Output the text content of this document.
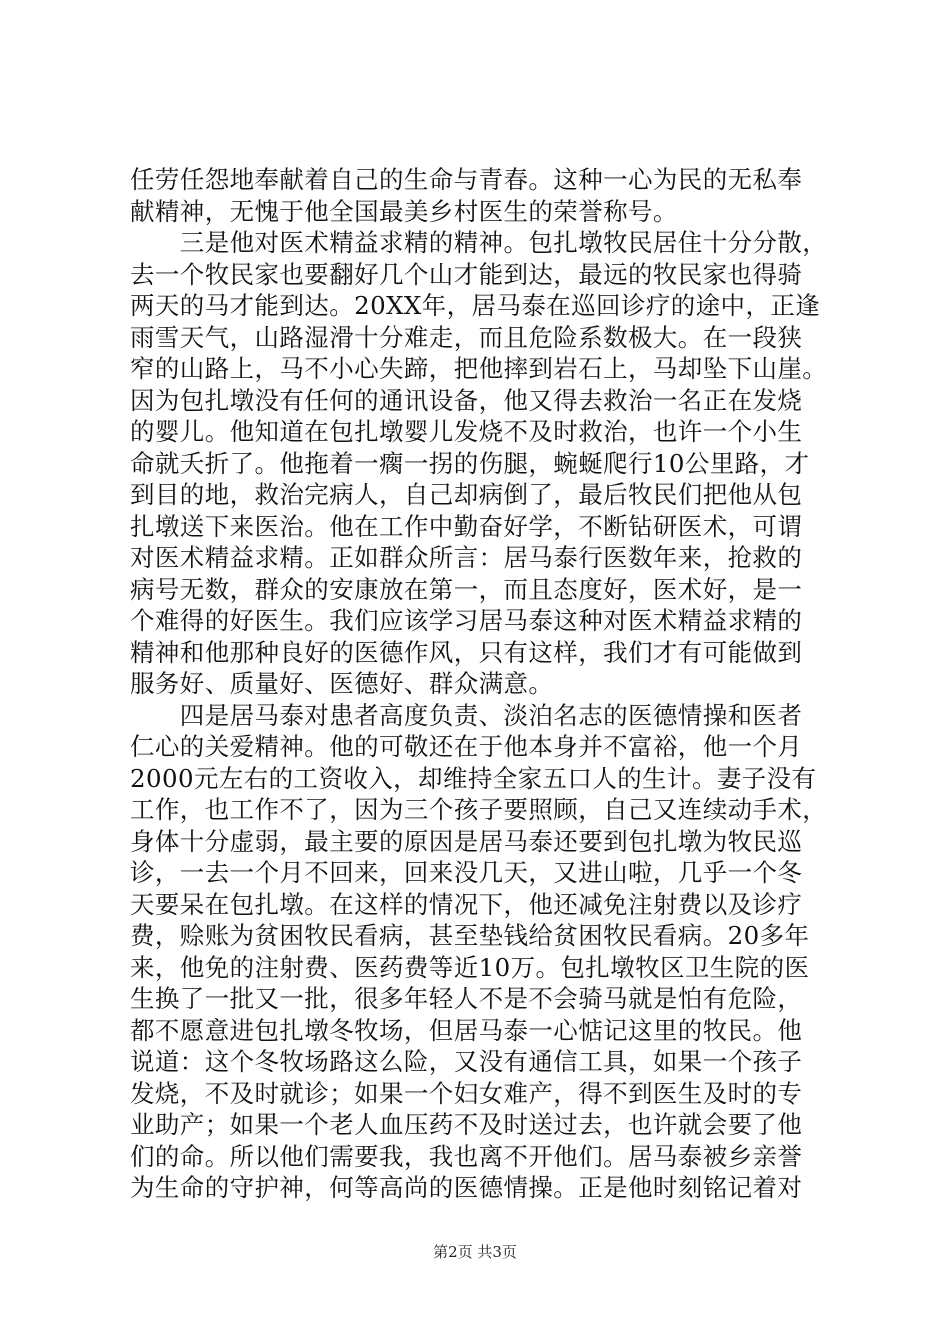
任劳任怨地奉献着自己的生命与青春。这种一心为民的无私奉
献精神，无愧于他全国最美乡村医生的荣誉称号。
　　三是他对医术精益求精的精神。包扎墩牧民居住十分分散，
去一个牧民家也要翻好几个山才能到达，最远的牧民家也得骑
两天的马才能到达。20XX年，居马泰在巡回诊疗的途中，正逢
雨雪天气，山路湿滑十分难走，而且危险系数极大。在一段狭
窄的山路上，马不小心失蹄，把他摔到岩石上，马却坠下山崖。
因为包扎墩没有任何的通讯设备，他又得去救治一名正在发烧
的婴儿。他知道在包扎墩婴儿发烧不及时救治，也许一个小生
命就夭折了。他拖着一瘸一拐的伤腿，蜿蜒爬行10公里路，才
到目的地，救治完病人，自己却病倒了，最后牧民们把他从包
扎墩送下来医治。他在工作中勤奋好学，不断钻研医术，可谓
对医术精益求精。正如群众所言：居马泰行医数年来，抢救的
病号无数，群众的安康放在第一，而且态度好，医术好，是一
个难得的好医生。我们应该学习居马泰这种对医术精益求精的
精神和他那种良好的医德作风，只有这样，我们才有可能做到
服务好、质量好、医德好、群众满意。
　　四是居马泰对患者高度负责、淡泊名志的医德情操和医者
仁心的关爱精神。他的可敬还在于他本身并不富裕，他一个月
2000元左右的工资收入，却维持全家五口人的生计。妻子没有
工作，也工作不了，因为三个孩子要照顾，自己又连续动手术，
身体十分虚弱，最主要的原因是居马泰还要到包扎墩为牧民巡
诊，一去一个月不回来，回来没几天，又进山啦，几乎一个冬
天要呆在包扎墩。在这样的情况下，他还减免注射费以及诊疗
费，赊账为贫困牧民看病，甚至垫钱给贫困牧民看病。20多年
来，他免的注射费、医药费等近10万。包扎墩牧区卫生院的医
生换了一批又一批，很多年轻人不是不会骑马就是怕有危险，
都不愿意进包扎墩冬牧场，但居马泰一心惦记这里的牧民。他
说道：这个冬牧场路这么险，又没有通信工具，如果一个孩子
发烧，不及时就诊；如果一个妇女难产，得不到医生及时的专
业助产；如果一个老人血压药不及时送过去，也许就会要了他
们的命。所以他们需要我，我也离不开他们。居马泰被乡亲誉
为生命的守护神，何等高尚的医德情操。正是他时刻铭记着对
第2页 共3页
